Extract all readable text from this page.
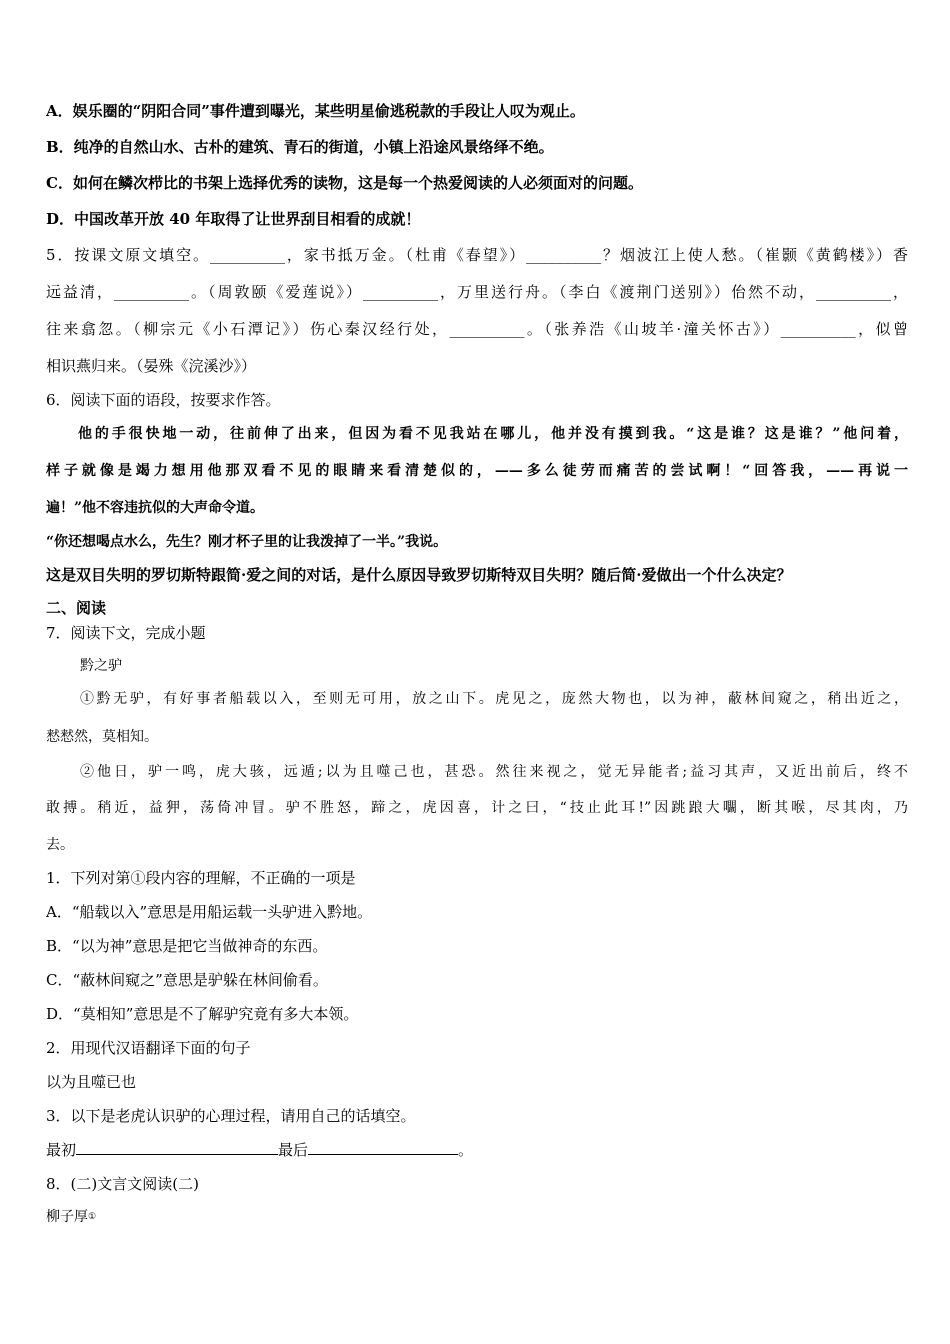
A．娱乐圈的“阴阳合同”事件遭到曝光，某些明星偷逃税款的手段让人叹为观止。
B．纯净的自然山水、古朴的建筑、青石的街道，小镇上沿途风景络绎不绝。
C．如何在鳞次栉比的书架上选择优秀的读物，这是每一个热爱阅读的人必须面对的问题。
D．中国改革开放 40 年取得了让世界刮目相看的成就！
5．按课文原文填空。__________，家书抵万金。（杜甫《春望》）__________？烟波江上使人愁。（崔颢《黄鹤楼》）香
远益清，__________。（周敦颐《爱莲说》）__________，万里送行舟。（李白《渡荆门送别》）佁然不动，__________，
往来翕忽。（柳宗元《小石潭记》）伤心秦汉经行处，__________。（张养浩《山坡羊·潼关怀古》）__________，似曾
相识燕归来。（晏殊《浣溪沙》）
6．阅读下面的语段，按要求作答。
他的手很快地一动，往前伸了出来，但因为看不见我站在哪儿，他并没有摸到我。“这是谁？这是谁？”他问着，
样子就像是竭力想用他那双看不见的眼睛来看清楚似的，——多么徒劳而痛苦的尝试啊！“回答我，——再说一
遍！”他不容违抗似的大声命令道。
“你还想喝点水么，先生？刚才杯子里的让我泼掉了一半。”我说。
这是双目失明的罗切斯特跟简·爱之间的对话，是什么原因导致罗切斯特双目失明？随后简·爱做出一个什么决定？
二、阅读
7．阅读下文，完成小题
黔之驴
①黔无驴，有好事者船载以入，至则无可用，放之山下。虎见之，庞然大物也，以为神，蔽林间窥之，稍出近之，
慭慭然，莫相知。
②他日，驴一鸣，虎大骇，远遁;以为且噬己也，甚恐。然往来视之，觉无异能者;益习其声，又近出前后，终不
敢搏。稍近，益狎，荡倚冲冒。驴不胜怒，蹄之，虎因喜，计之曰，“技止此耳!”因跳踉大㘚，断其喉，尽其肉，乃
去。
1．下列对第①段内容的理解，不正确的一项是
A．“船载以入”意思是用船运载一头驴进入黔地。
B．“以为神”意思是把它当做神奇的东西。
C．“蔽林间窥之”意思是驴躲在林间偷看。
D．“莫相知”意思是不了解驴究竟有多大本领。
2．用现代汉语翻译下面的句子
以为且噬已也
3．以下是老虎认识驴的心理过程，请用自己的话填空。
最初	最后	。
8．(二)文言文阅读(二)
柳子厚①
